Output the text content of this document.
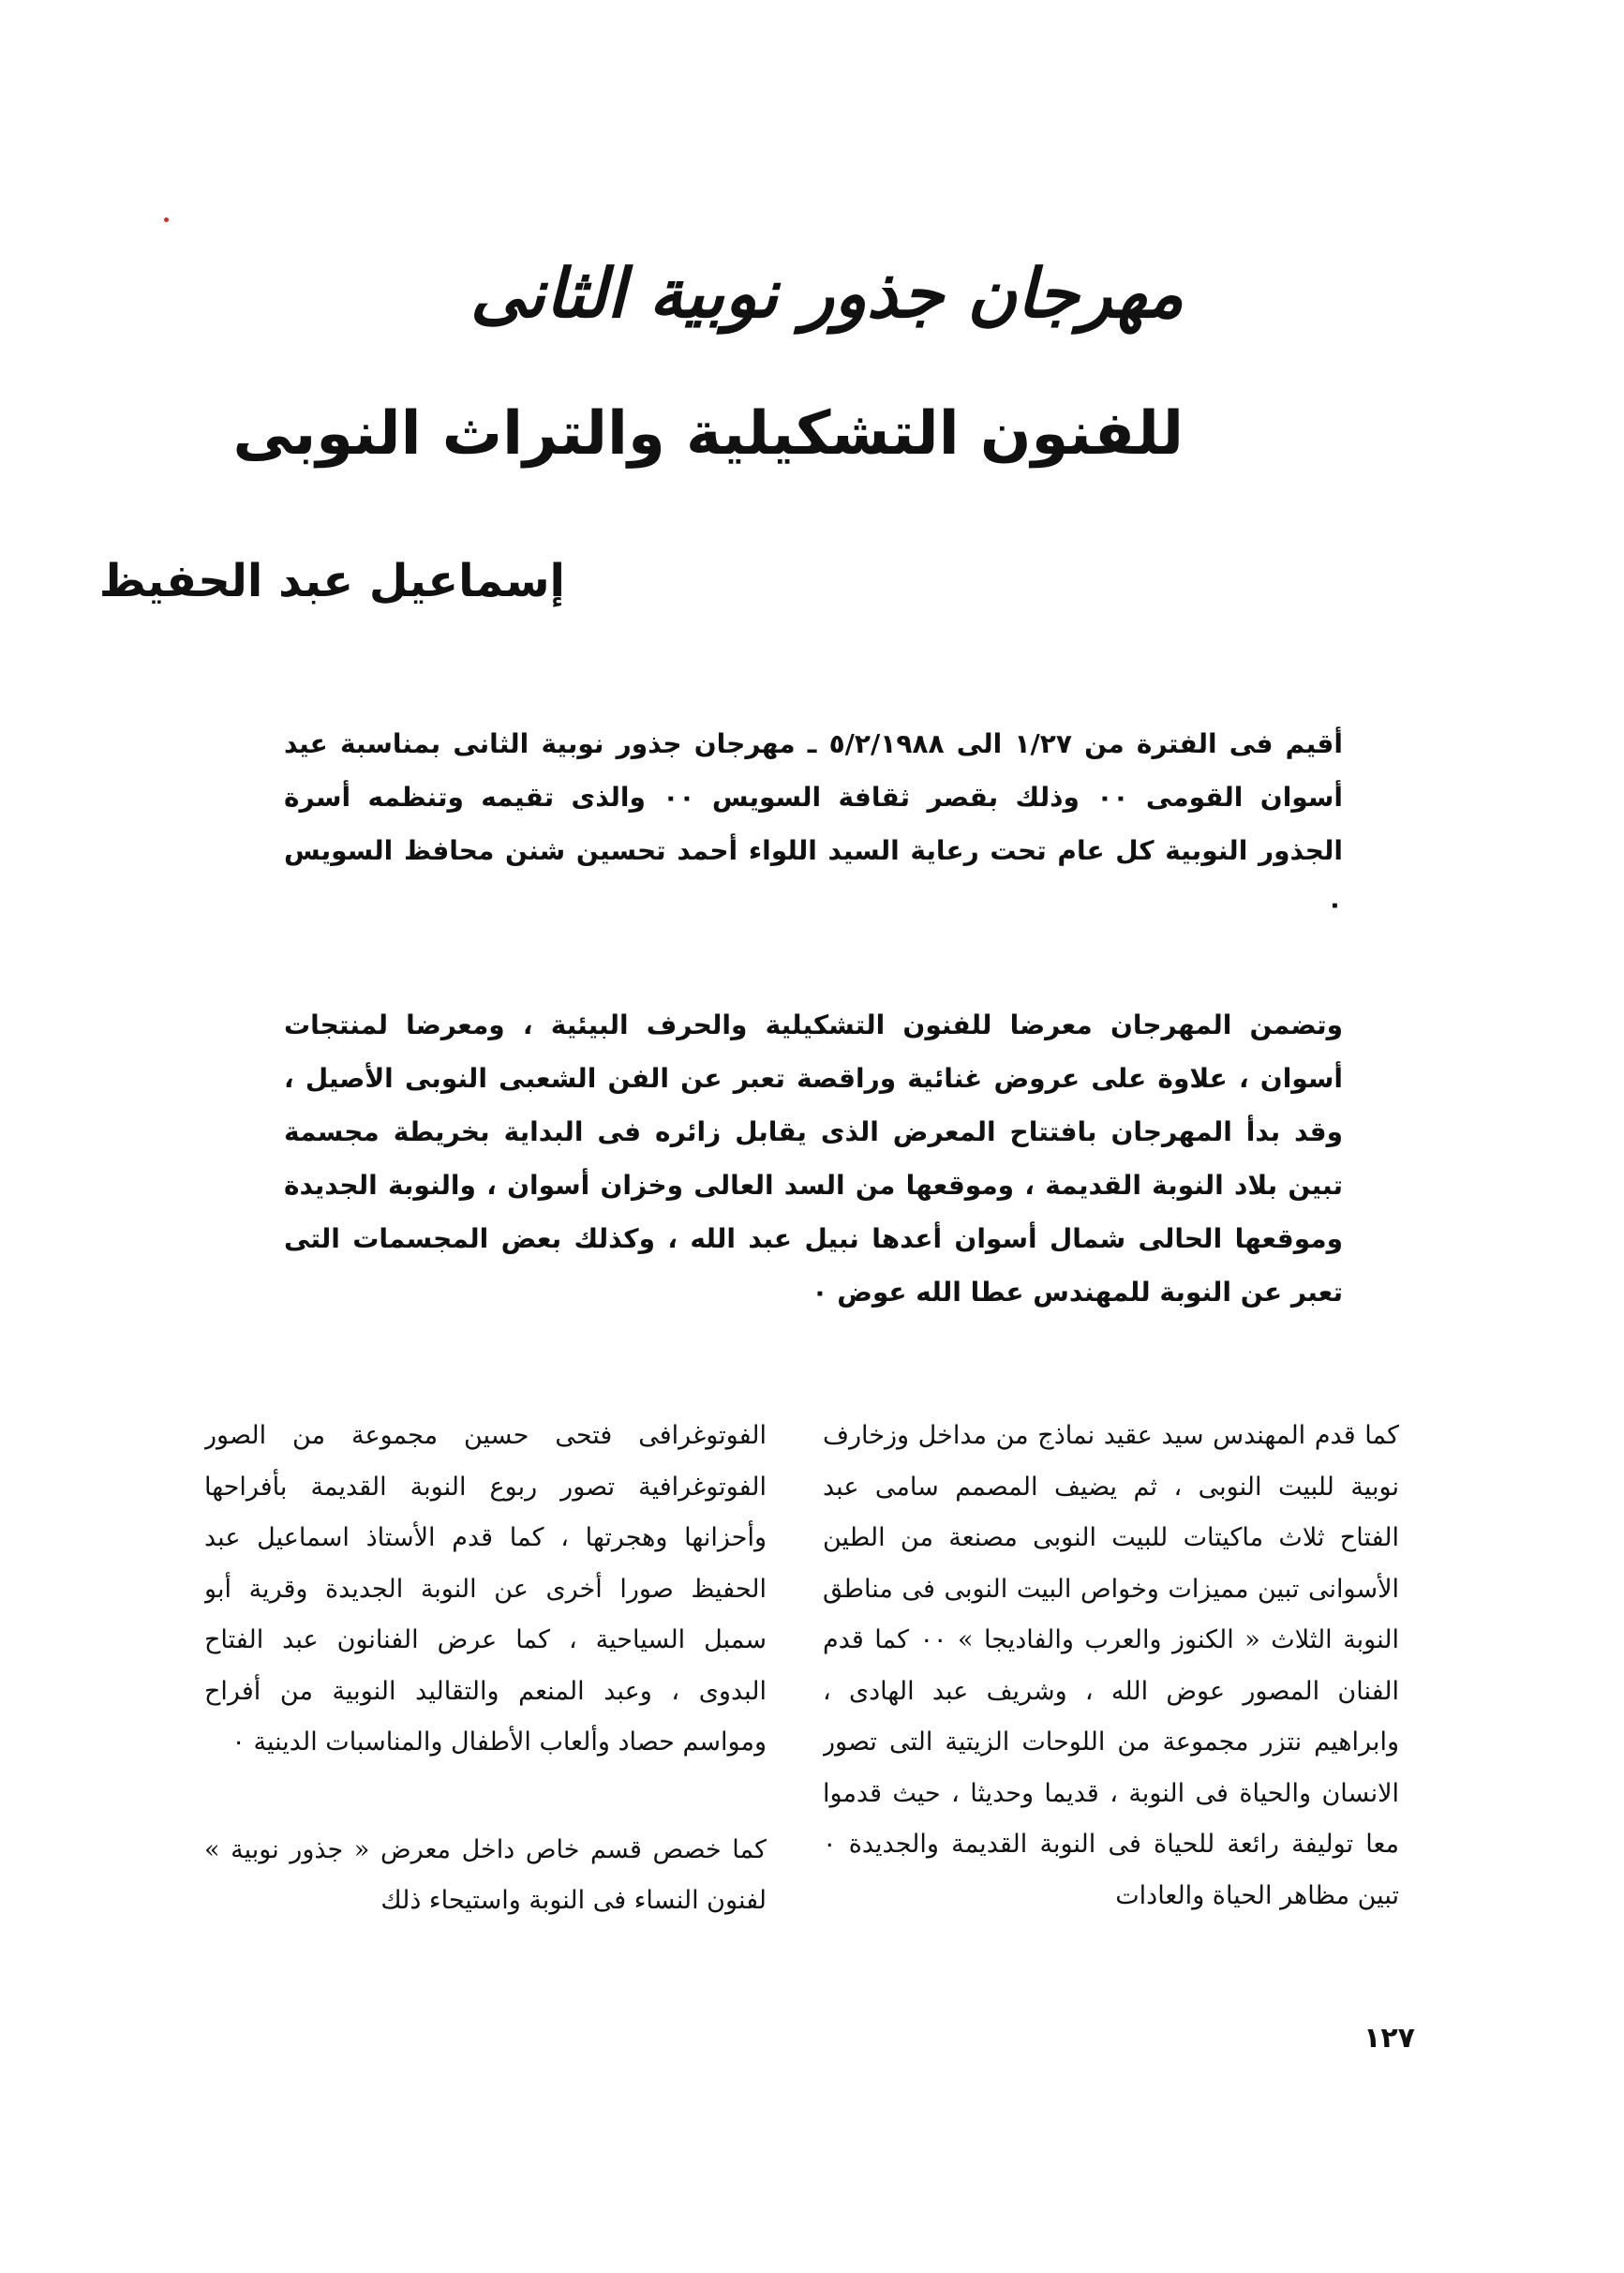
مهرجان جذور نوبية الثانى
للفنون التشكيلية والتراث النوبى
إسماعيل عبد الحفيظ

أقيم فى الفترة من ١/٢٧ الى ٥/٢/١٩٨٨ ـ مهرجان جذور نوبية الثانى بمناسبة عيد أسوان القومى ٠٠ وذلك بقصر ثقافة السويس ٠٠ والذى تقيمه وتنظمه أسرة الجذور النوبية كل عام تحت رعاية السيد اللواء أحمد تحسين شنن محافظ السويس ٠

وتضمن المهرجان معرضا للفنون التشكيلية والحرف البيئية ، ومعرضا لمنتجات أسوان ، علاوة على عروض غنائية وراقصة تعبر عن الفن الشعبى النوبى الأصيل ، وقد بدأ المهرجان بافتتاح المعرض الذى يقابل زائره فى البداية بخريطة مجسمة تبين بلاد النوبة القديمة ، وموقعها من السد العالى وخزان أسوان ، والنوبة الجديدة وموقعها الحالى شمال أسوان أعدها نبيل عبد الله ، وكذلك بعض المجسمات التى تعبر عن النوبة للمهندس عطا الله عوض ٠

كما قدم المهندس سيد عقيد نماذج من مداخل وزخارف نوبية للبيت النوبى ، ثم يضيف المصمم سامى عبد الفتاح ثلاث ماكيتات للبيت النوبى مصنعة من الطين الأسوانى تبين مميزات وخواص البيت النوبى فى مناطق النوبة الثلاث « الكنوز والعرب والفاديجا » ٠٠ كما قدم الفنان المصور عوض الله ، وشريف عبد الهادى ، وابراهيم نتزر مجموعة من اللوحات الزيتية التى تصور الانسان والحياة فى النوبة ، قديما وحديثا ، حيث قدموا معا توليفة رائعة للحياة فى النوبة القديمة والجديدة ٠ تبين مظاهر الحياة والعادات

الفوتوغرافى فتحى حسين مجموعة من الصور الفوتوغرافية تصور ربوع النوبة القديمة بأفراحها وأحزانها وهجرتها ، كما قدم الأستاذ اسماعيل عبد الحفيظ صورا أخرى عن النوبة الجديدة وقرية أبو سمبل السياحية ، كما عرض الفنانون عبد الفتاح البدوى ، وعبد المنعم والتقاليد النوبية من أفراح ومواسم حصاد وألعاب الأطفال والمناسبات الدينية ٠

كما خصص قسم خاص داخل معرض « جذور نوبية » لفنون النساء فى النوبة واستيحاء ذلك

١٢٧
